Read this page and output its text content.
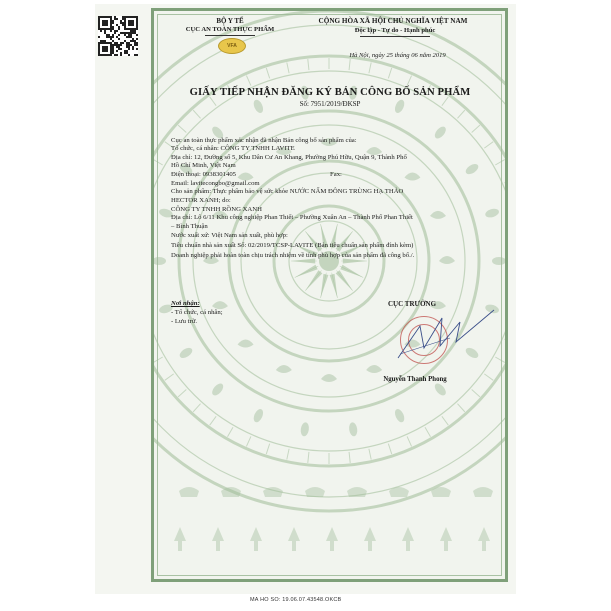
BỘ Y TẾ
CỤC AN TOÀN THỰC PHẨM
VFA
CỘNG HÒA XÃ HỘI CHỦ NGHĨA VIỆT NAM
Độc lập - Tự do - Hạnh phúc
Hà Nội, ngày 25 tháng 06 năm 2019
GIẤY TIẾP NHẬN ĐĂNG KÝ BẢN CÔNG BỐ SẢN PHẨM
Số: 7951/2019/ĐKSP
Cục an toàn thực phẩm xác nhận đã nhận Bản công bố sản phẩm của:
Tổ chức, cá nhân: CÔNG TY TNHH LAVITE
Địa chỉ: 12, Đường số 5, Khu Dân Cư An Khang, Phường Phú Hữu, Quận 9, Thành Phố
Hồ Chí Minh, Việt Nam
Điện thoại: 0938301405	Fax:
Email: lavitecongbo@gmail.com
Cho sản phẩm: Thực phẩm bảo vệ sức khỏe NƯỚC NẤM ĐÔNG TRÙNG HẠ THẢO
HECTOR XANH; do:
CÔNG TY TNHH RỒNG XANH
Địa chỉ: Lô 6/11 Khu công nghiệp Phan Thiết – Phường Xuân An – Thành Phố Phan Thiết
– Bình Thuận
Nước xuất xứ: Việt Nam sản xuất, phù hợp:
Tiêu chuẩn nhà sản xuất Số: 02/2019/TCSP-LAVITE (Bản tiêu chuẩn sản phẩm đính kèm)
Doanh nghiệp phải hoàn toàn chịu trách nhiệm về tính phù hợp của sản phẩm đã công bố./.
Nơi nhận:
- Tổ chức, cá nhân;
- Lưu trữ.
CỤC TRƯỞNG
Nguyễn Thanh Phong
MA HO SO: 19.06.07.43548.OKCB
